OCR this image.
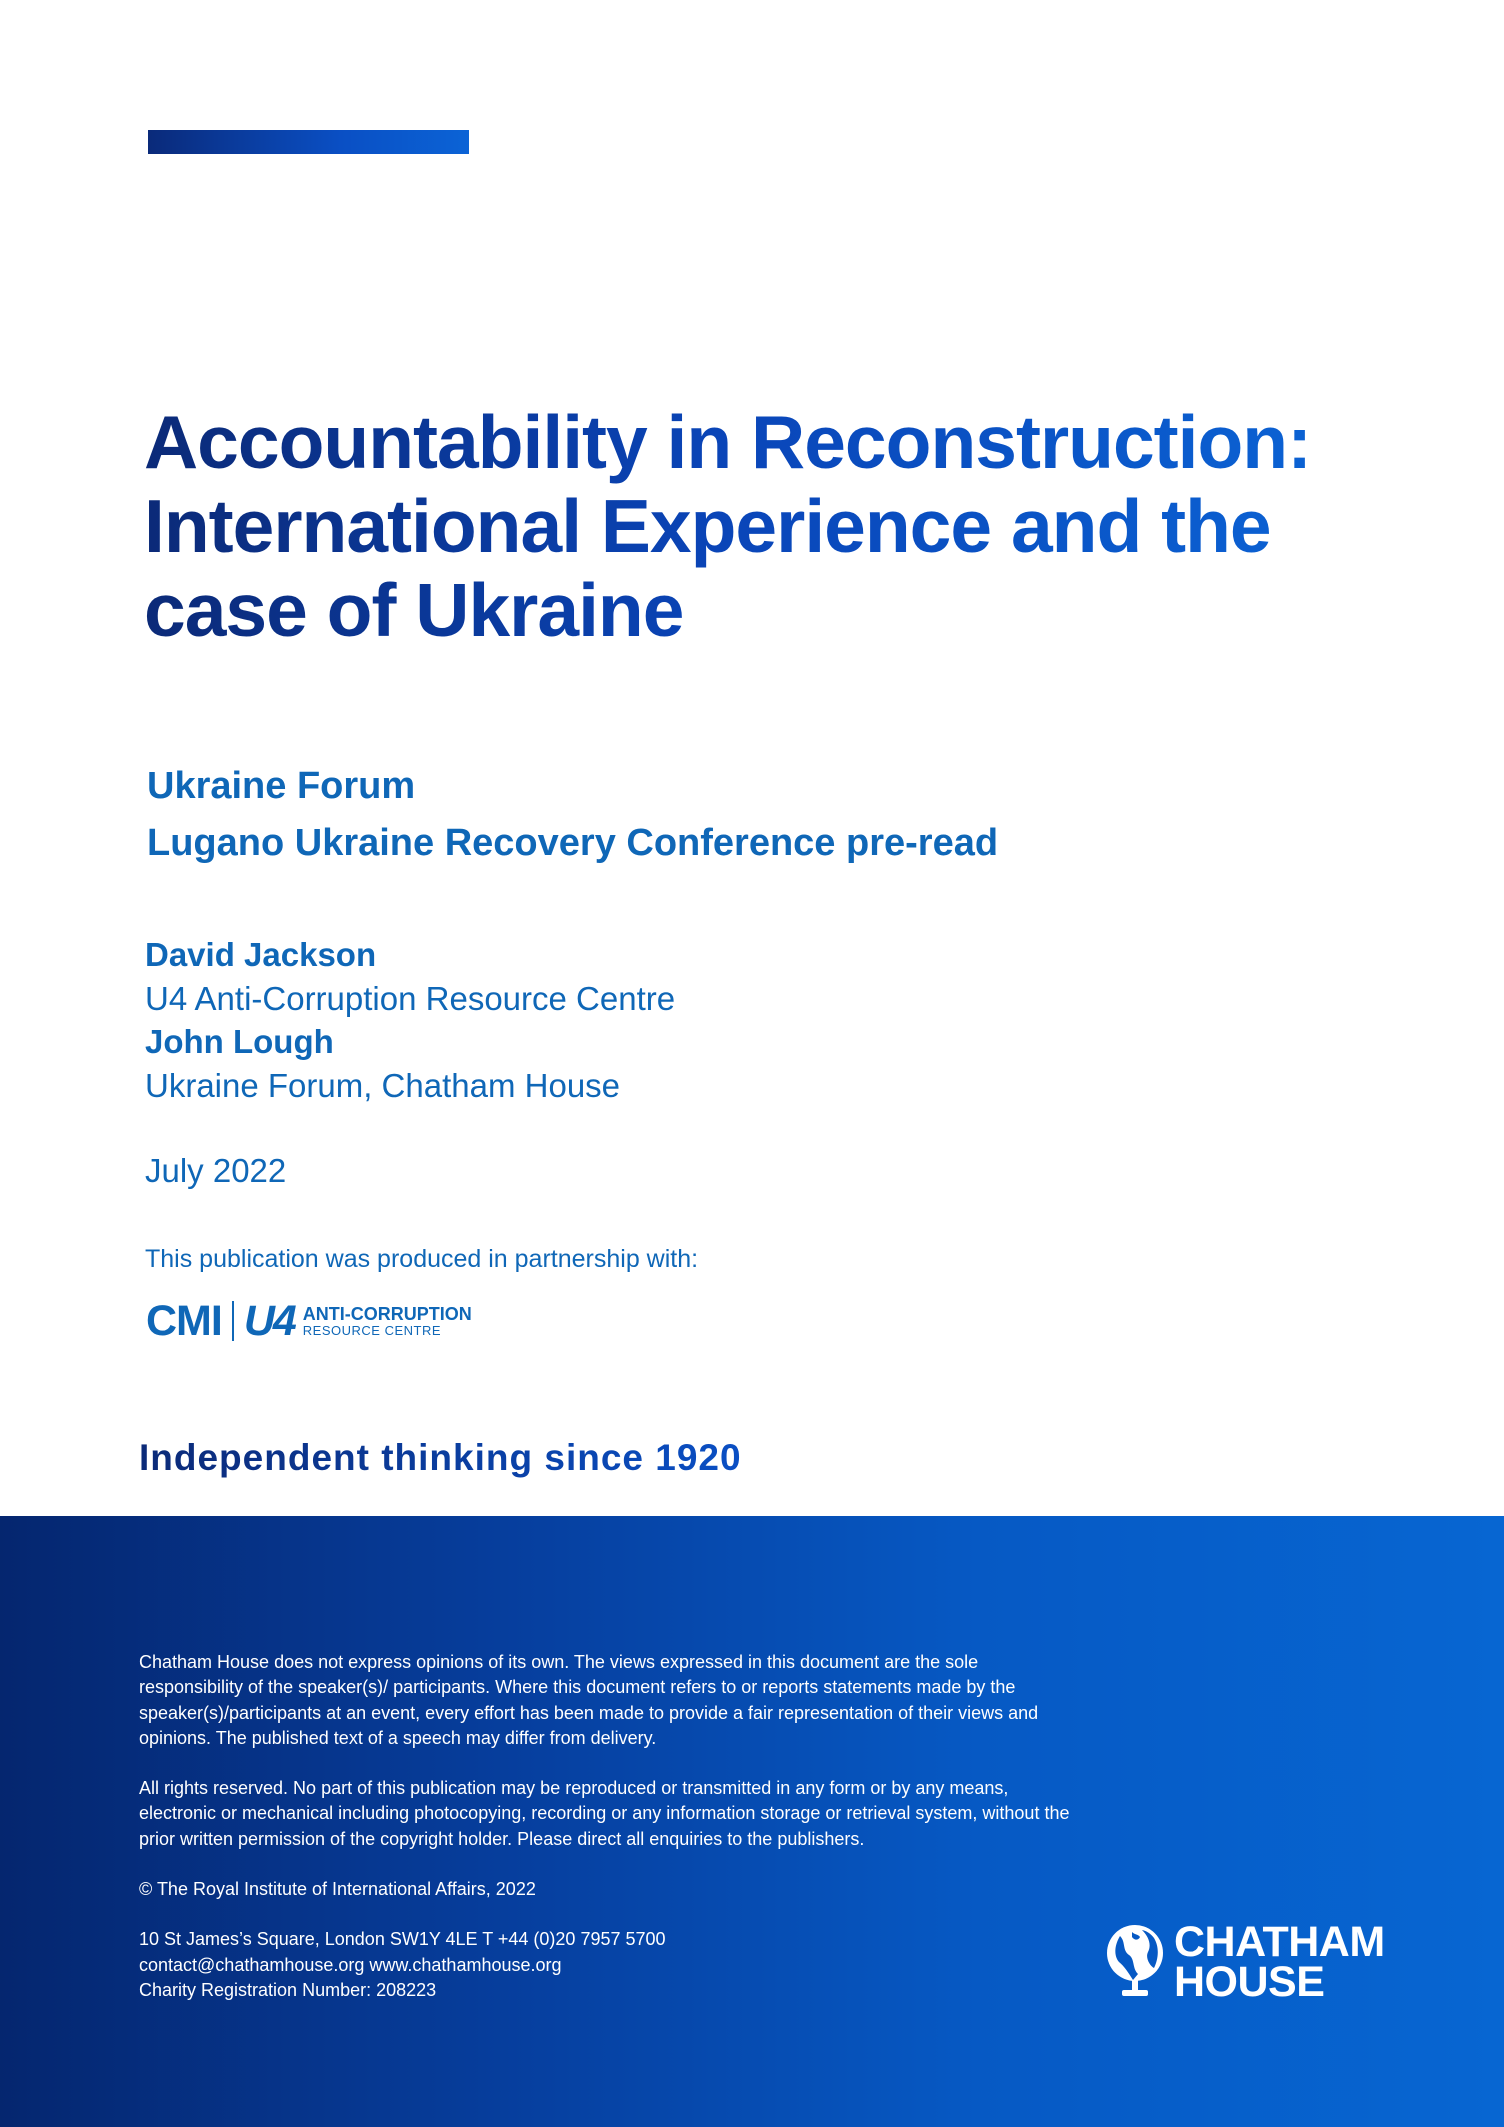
Accountability in Reconstruction: International Experience and the case of Ukraine
Ukraine Forum
Lugano Ukraine Recovery Conference pre-read
David Jackson
U4 Anti-Corruption Resource Centre
John Lough
Ukraine Forum, Chatham House
July 2022
This publication was produced in partnership with:
CMI U4 ANTI-CORRUPTION
RESOURCE CENTRE
Independent thinking since 1920

Chatham House does not express opinions of its own. The views expressed in this document are the sole responsibility of the speaker(s)/ participants. Where this document refers to or reports statements made by the speaker(s)/participants at an event, every effort has been made to provide a fair representation of their views and opinions. The published text of a speech may differ from delivery.

All rights reserved. No part of this publication may be reproduced or transmitted in any form or by any means, electronic or mechanical including photocopying, recording or any information storage or retrieval system, without the prior written permission of the copyright holder. Please direct all enquiries to the publishers.

© The Royal Institute of International Affairs, 2022

10 St James’s Square, London SW1Y 4LE T +44 (0)20 7957 5700
contact@chathamhouse.org www.chathamhouse.org
Charity Registration Number: 208223
CHATHAM
HOUSE
